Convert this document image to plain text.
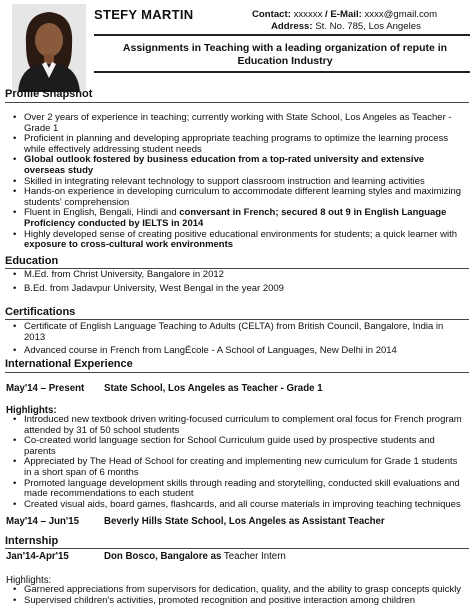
STEFY MARTIN	Contact: xxxxxx / E-Mail: xxxx@gmail.com
Address: St. No. 785, Los Angeles
Assignments in Teaching with a leading organization of repute in Education Industry
Profile Snapshot
• Over 2 years of experience in teaching; currently working with State School, Los Angeles as Teacher - Grade 1
• Proficient in planning and developing appropriate teaching programs to optimize the learning process while effectively addressing student needs
• Global outlook fostered by business education from a top-rated university and extensive overseas study
• Skilled in integrating relevant technology to support classroom instruction and learning activities
• Hands-on experience in developing curriculum to accommodate different learning styles and maximizing students' comprehension
• Fluent in English, Bengali, Hindi and conversant in French; secured 8 out 9 in English Language Proficiency conducted by IELTS in 2014
• Highly developed sense of creating positive educational environments for students; a quick learner with exposure to cross-cultural work environments
Education
• M.Ed. from Christ University, Bangalore in 2012
• B.Ed. from Jadavpur University, West Bengal in the year 2009
Certifications
• Certificate of English Language Teaching to Adults (CELTA) from British Council, Bangalore, India in 2013
• Advanced course in French from LangÉcole - A School of Languages, New Delhi in 2014
International Experience
May'14 – Present State School, Los Angeles as Teacher - Grade 1
Highlights:
• Introduced new textbook driven writing-focused curriculum to complement oral focus for French program attended by 31 of 50 school students
• Co-created world language section for School Curriculum guide used by prospective students and parents
• Appreciated by The Head of School for creating and implementing new curriculum for Grade 1 students in a short span of 6 months
• Promoted language development skills through reading and storytelling, conducted skill evaluations and made recommendations to each student
• Created visual aids, board games, flashcards, and all course materials in improving teaching techniques
May'14 – Jun'15	Beverly Hills State School, Los Angeles as Assistant Teacher
Internship
Jan'14-Apr'15	Don Bosco, Bangalore as Teacher Intern
Highlights:
• Garnered appreciations from supervisors for dedication, quality, and the ability to grasp concepts quickly
• Supervised children's activities, promoted recognition and positive interaction among children
